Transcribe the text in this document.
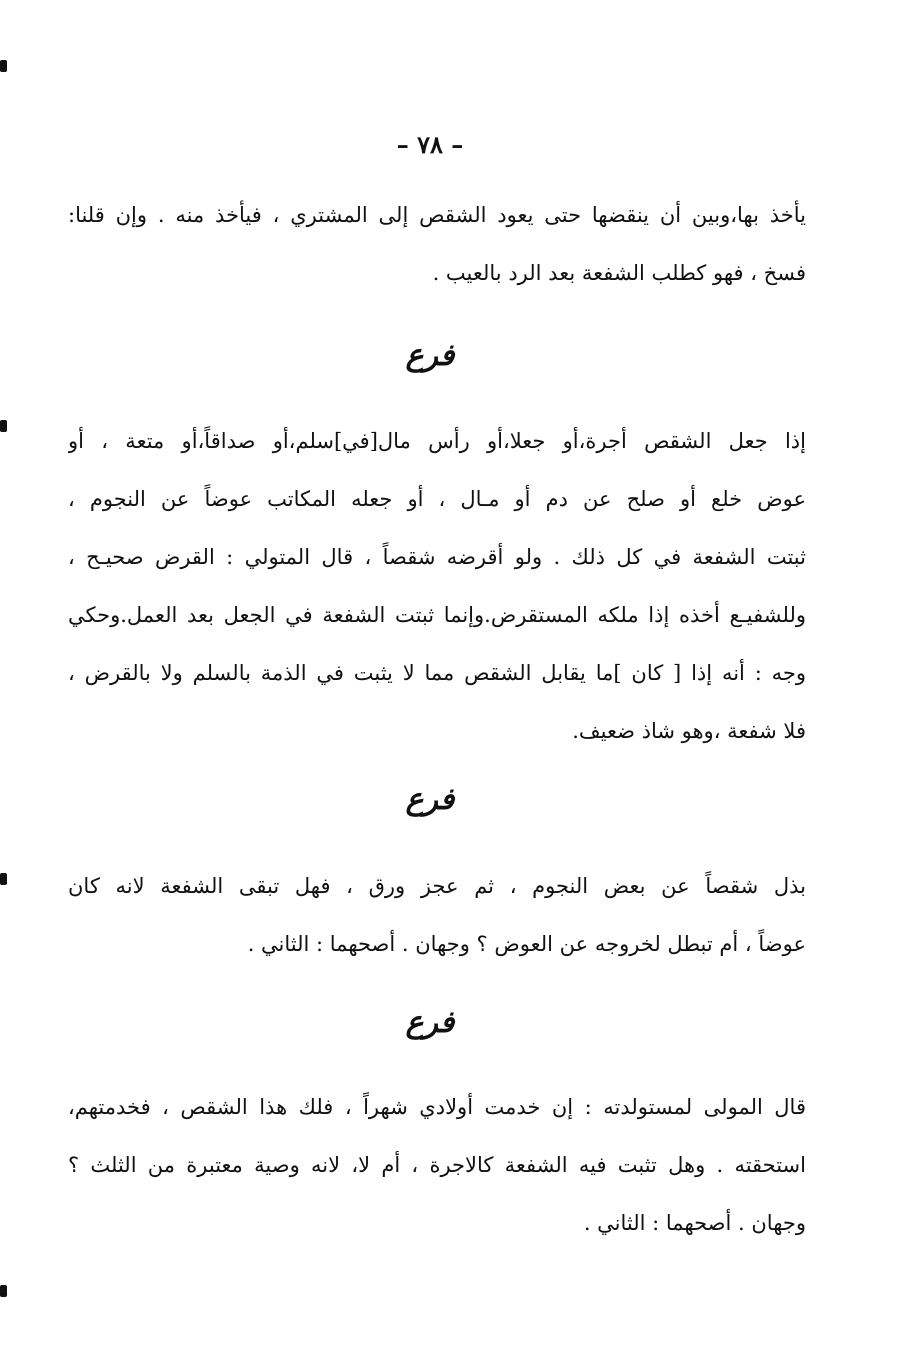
– ٧٨ –
يأخذ بها،وبين أن ينقضها حتى يعود الشقص إلى المشتري ، فيأخذ منه . وإن قلنا:
فسخ ، فهو كطلب الشفعة بعد الرد بالعيب .
فرع
إذا جعل الشقص أجرة،أو جعلا،أو رأس مال[في]سلم،أو صداقاً،أو متعة ، أو
عوض خلع أو صلح عن دم أو مـال ، أو جعله المكاتب عوضاً عن النجوم ،
ثبتت الشفعة في كل ذلك . ولو أقرضه شقصاً ، قال المتولي : القرض صحيـح ،
وللشفيـع أخذه إذا ملكه المستقرض.وإنما ثبتت الشفعة في الجعل بعد العمل.وحكي
وجه : أنه إذا [ كان ]ما يقابل الشقص مما لا يثبت في الذمة بالسلم ولا بالقرض ،
فلا شفعة ،وهو شاذ ضعيف.
فرع
بذل شقصاً عن بعض النجوم ، ثم عجز ورق ، فهل تبقى الشفعة لانه كان
عوضاً ، أم تبطل لخروجه عن العوض ؟ وجهان . أصحهما : الثاني .
فرع
قال المولى لمستولدته : إن خدمت أولادي شهراً ، فلك هذا الشقص ، فخدمتهم،
استحقته . وهل تثبت فيه الشفعة كالاجرة ، أم لا، لانه وصية معتبرة من الثلث ؟
وجهان . أصحهما : الثاني .
